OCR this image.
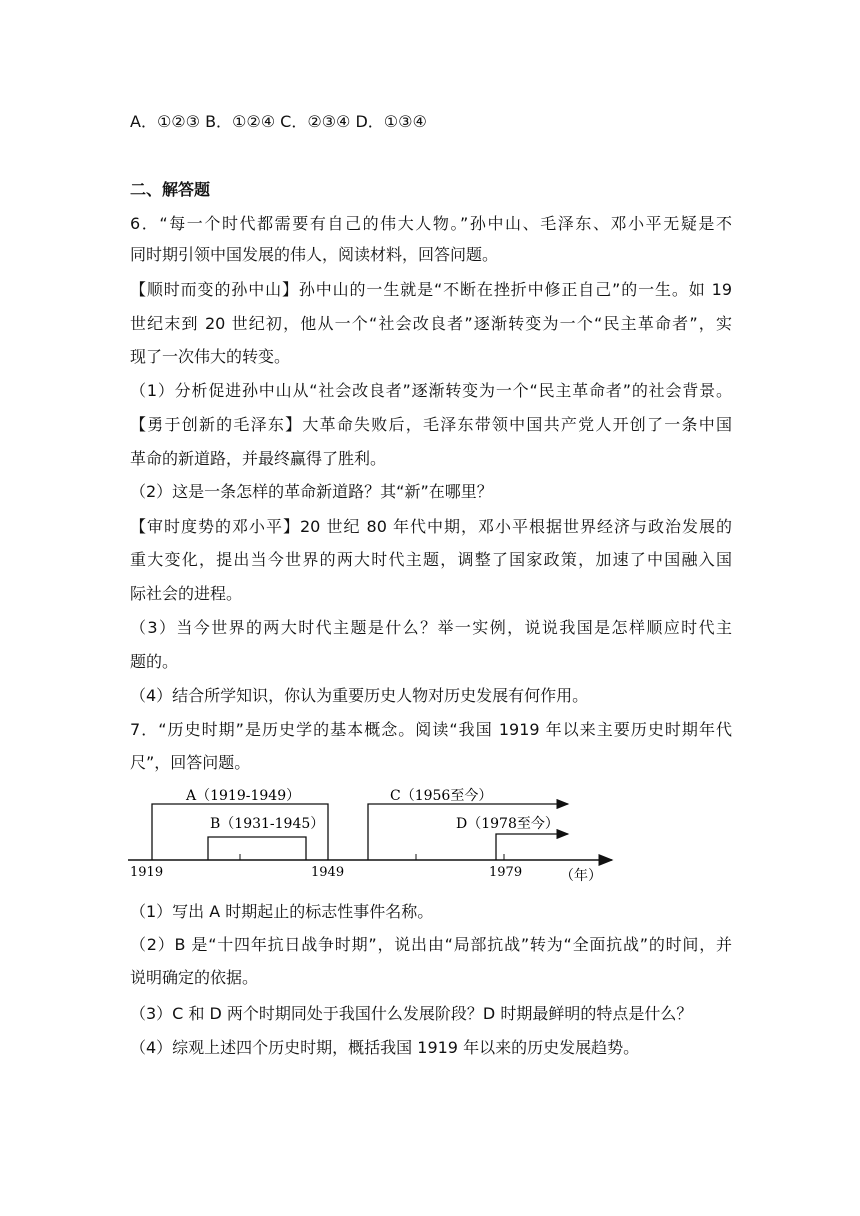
A．①②③ B．①②④ C．②③④ D．①③④
二、解答题
6．“每一个时代都需要有自己的伟大人物。”孙中山、毛泽东、邓小平无疑是不
同时期引领中国发展的伟人，阅读材料，回答问题。
【顺时而变的孙中山】孙中山的一生就是“不断在挫折中修正自己”的一生。如 19
世纪末到 20 世纪初，他从一个“社会改良者”逐渐转变为一个“民主革命者”，实
现了一次伟大的转变。
（1）分析促进孙中山从“社会改良者”逐渐转变为一个“民主革命者”的社会背景。
【勇于创新的毛泽东】大革命失败后，毛泽东带领中国共产党人开创了一条中国
革命的新道路，并最终赢得了胜利。
（2）这是一条怎样的革命新道路？其“新”在哪里？
【审时度势的邓小平】20 世纪 80 年代中期，邓小平根据世界经济与政治发展的
重大变化，提出当今世界的两大时代主题，调整了国家政策，加速了中国融入国
际社会的进程。
（3）当今世界的两大时代主题是什么？举一实例，说说我国是怎样顺应时代主
题的。
（4）结合所学知识，你认为重要历史人物对历史发展有何作用。
7．“历史时期”是历史学的基本概念。阅读“我国 1919 年以来主要历史时期年代
尺”，回答问题。
A（1919-1949）
B（1931-1945）
C（1956至今）
D（1978至今）
1919	1949	1979	（年）
（1）写出 A 时期起止的标志性事件名称。
（2）B 是“十四年抗日战争时期”，说出由“局部抗战”转为“全面抗战”的时间，并
说明确定的依据。
（3）C 和 D 两个时期同处于我国什么发展阶段？D 时期最鲜明的特点是什么？
（4）综观上述四个历史时期，概括我国 1919 年以来的历史发展趋势。
